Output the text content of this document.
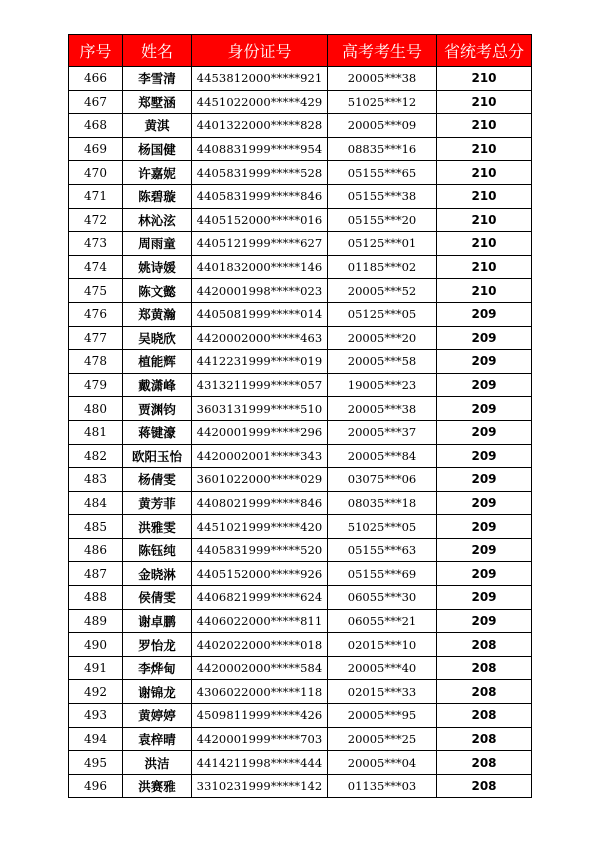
序号	姓名	身份证号	高考考生号	省统考总分
466	李雪清	4453812000*****921	20005***38	210
467	郑墅涵	4451022000*****429	51025***12	210
468	黄淇	4401322000*****828	20005***09	210
469	杨国健	4408831999*****954	08835***16	210
470	许嘉妮	4405831999*****528	05155***65	210
471	陈碧璇	4405831999*****846	05155***38	210
472	林沁泫	4405152000*****016	05155***20	210
473	周雨童	4405121999*****627	05125***01	210
474	姚诗媛	4401832000*****146	01185***02	210
475	陈文懿	4420001998*****023	20005***52	210
476	郑黄瀚	4405081999*****014	05125***05	209
477	吴晓欣	4420002000*****463	20005***20	209
478	植能辉	4412231999*****019	20005***58	209
479	戴潇峰	4313211999*****057	19005***23	209
480	贾渊钧	3603131999*****510	20005***38	209
481	蒋键濠	4420001999*****296	20005***37	209
482	欧阳玉怡	4420002001*****343	20005***84	209
483	杨倩雯	3601022000*****029	03075***06	209
484	黄芳菲	4408021999*****846	08035***18	209
485	洪雅雯	4451021999*****420	51025***05	209
486	陈钰纯	4405831999*****520	05155***63	209
487	金晓淋	4405152000*****926	05155***69	209
488	侯倩雯	4406821999*****624	06055***30	209
489	谢卓鹏	4406022000*****811	06055***21	209
490	罗怡龙	4402022000*****018	02015***10	208
491	李烨甸	4420002000*****584	20005***40	208
492	谢锦龙	4306022000*****118	02015***33	208
493	黄婷婷	4509811999*****426	20005***95	208
494	袁梓晴	4420001999*****703	20005***25	208
495	洪洁	4414211998*****444	20005***04	208
496	洪赛雅	3310231999*****142	01135***03	208
